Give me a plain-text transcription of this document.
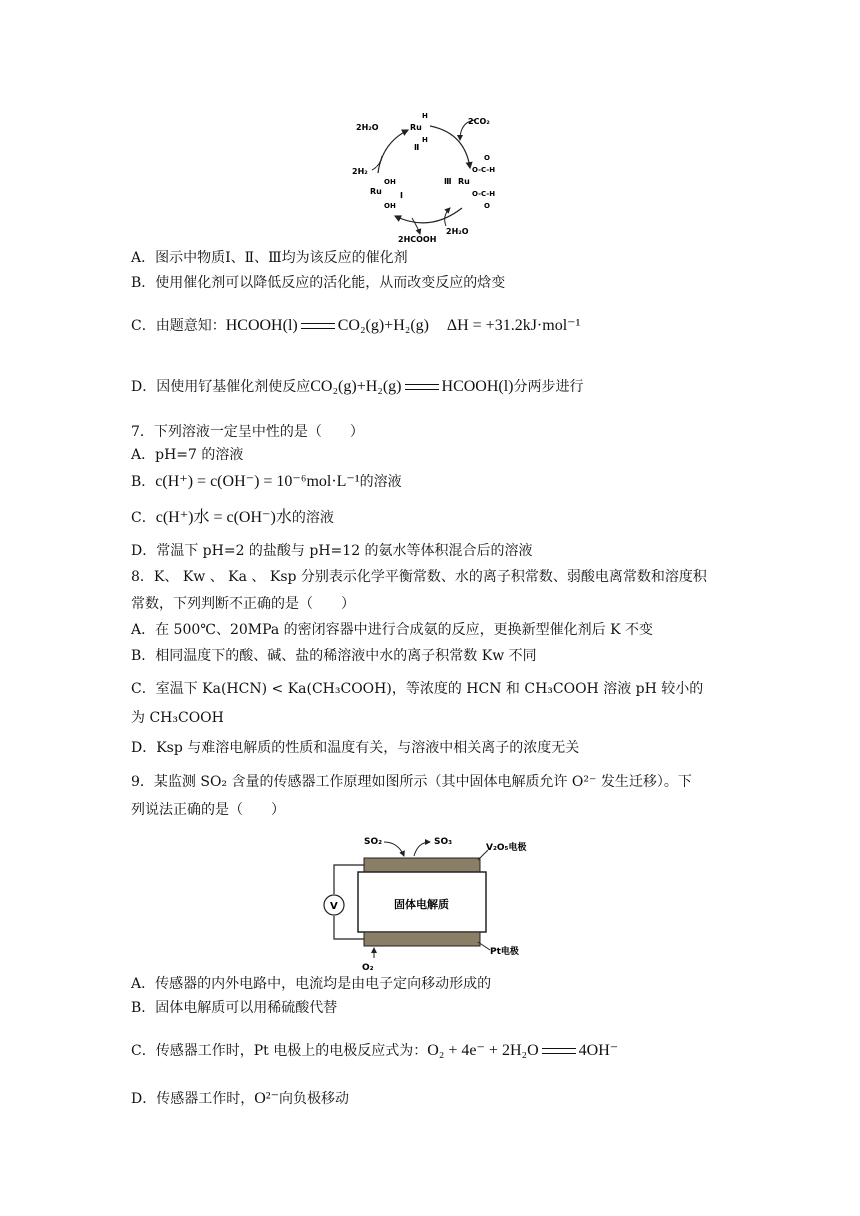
2H₂O
2CO₂
2H₂
2HCOOH
2H₂O
Ru
H
H
Ⅱ
Ru
OH
OH
Ⅰ
Ⅲ Ru
O
O-C-H
O-C-H
O
A．图示中物质Ⅰ、Ⅱ、Ⅲ均为该反应的催化剂
B．使用催化剂可以降低反应的活化能，从而改变反应的焓变
C．由题意知：HCOOH(l)	CO₂(g)+H₂(g) ΔH = +31.2kJ·mol⁻¹
D．因使用钌基催化剂使反应CO₂(g)+H₂(g)	HCOOH(l)分两步进行
7．下列溶液一定呈中性的是（　　）
A．pH=7 的溶液
B．c(H⁺) = c(OH⁻) = 10⁻⁶mol·L⁻¹的溶液
C．c(H⁺)水 = c(OH⁻)水的溶液
D．常温下 pH=2 的盐酸与 pH=12 的氨水等体积混合后的溶液
8．K、 Kw 、 Ka 、 Ksp 分别表示化学平衡常数、水的离子积常数、弱酸电离常数和溶度积
常数，下列判断不正确的是（　　）
A．在 500℃、20MPa 的密闭容器中进行合成氨的反应，更换新型催化剂后 K 不变
B．相同温度下的酸、碱、盐的稀溶液中水的离子积常数 Kw 不同
C．室温下 Ka(HCN) < Ka(CH₃COOH)，等浓度的 HCN 和 CH₃COOH 溶液 pH 较小的
为 CH₃COOH
D．Ksp 与难溶电解质的性质和温度有关，与溶液中相关离子的浓度无关
9．某监测 SO₂ 含量的传感器工作原理如图所示（其中固体电解质允许 O²⁻ 发生迁移）。下
列说法正确的是（　　）
固体电解质
V
SO₂	SO₃
V₂O₅电极
Pt电极
O₂
A．传感器的内外电路中，电流均是由电子定向移动形成的
B．固体电解质可以用稀硫酸代替
C．传感器工作时，Pt 电极上的电极反应式为：O₂ + 4e⁻ + 2H₂O	4OH⁻
D．传感器工作时，O²⁻向负极移动
